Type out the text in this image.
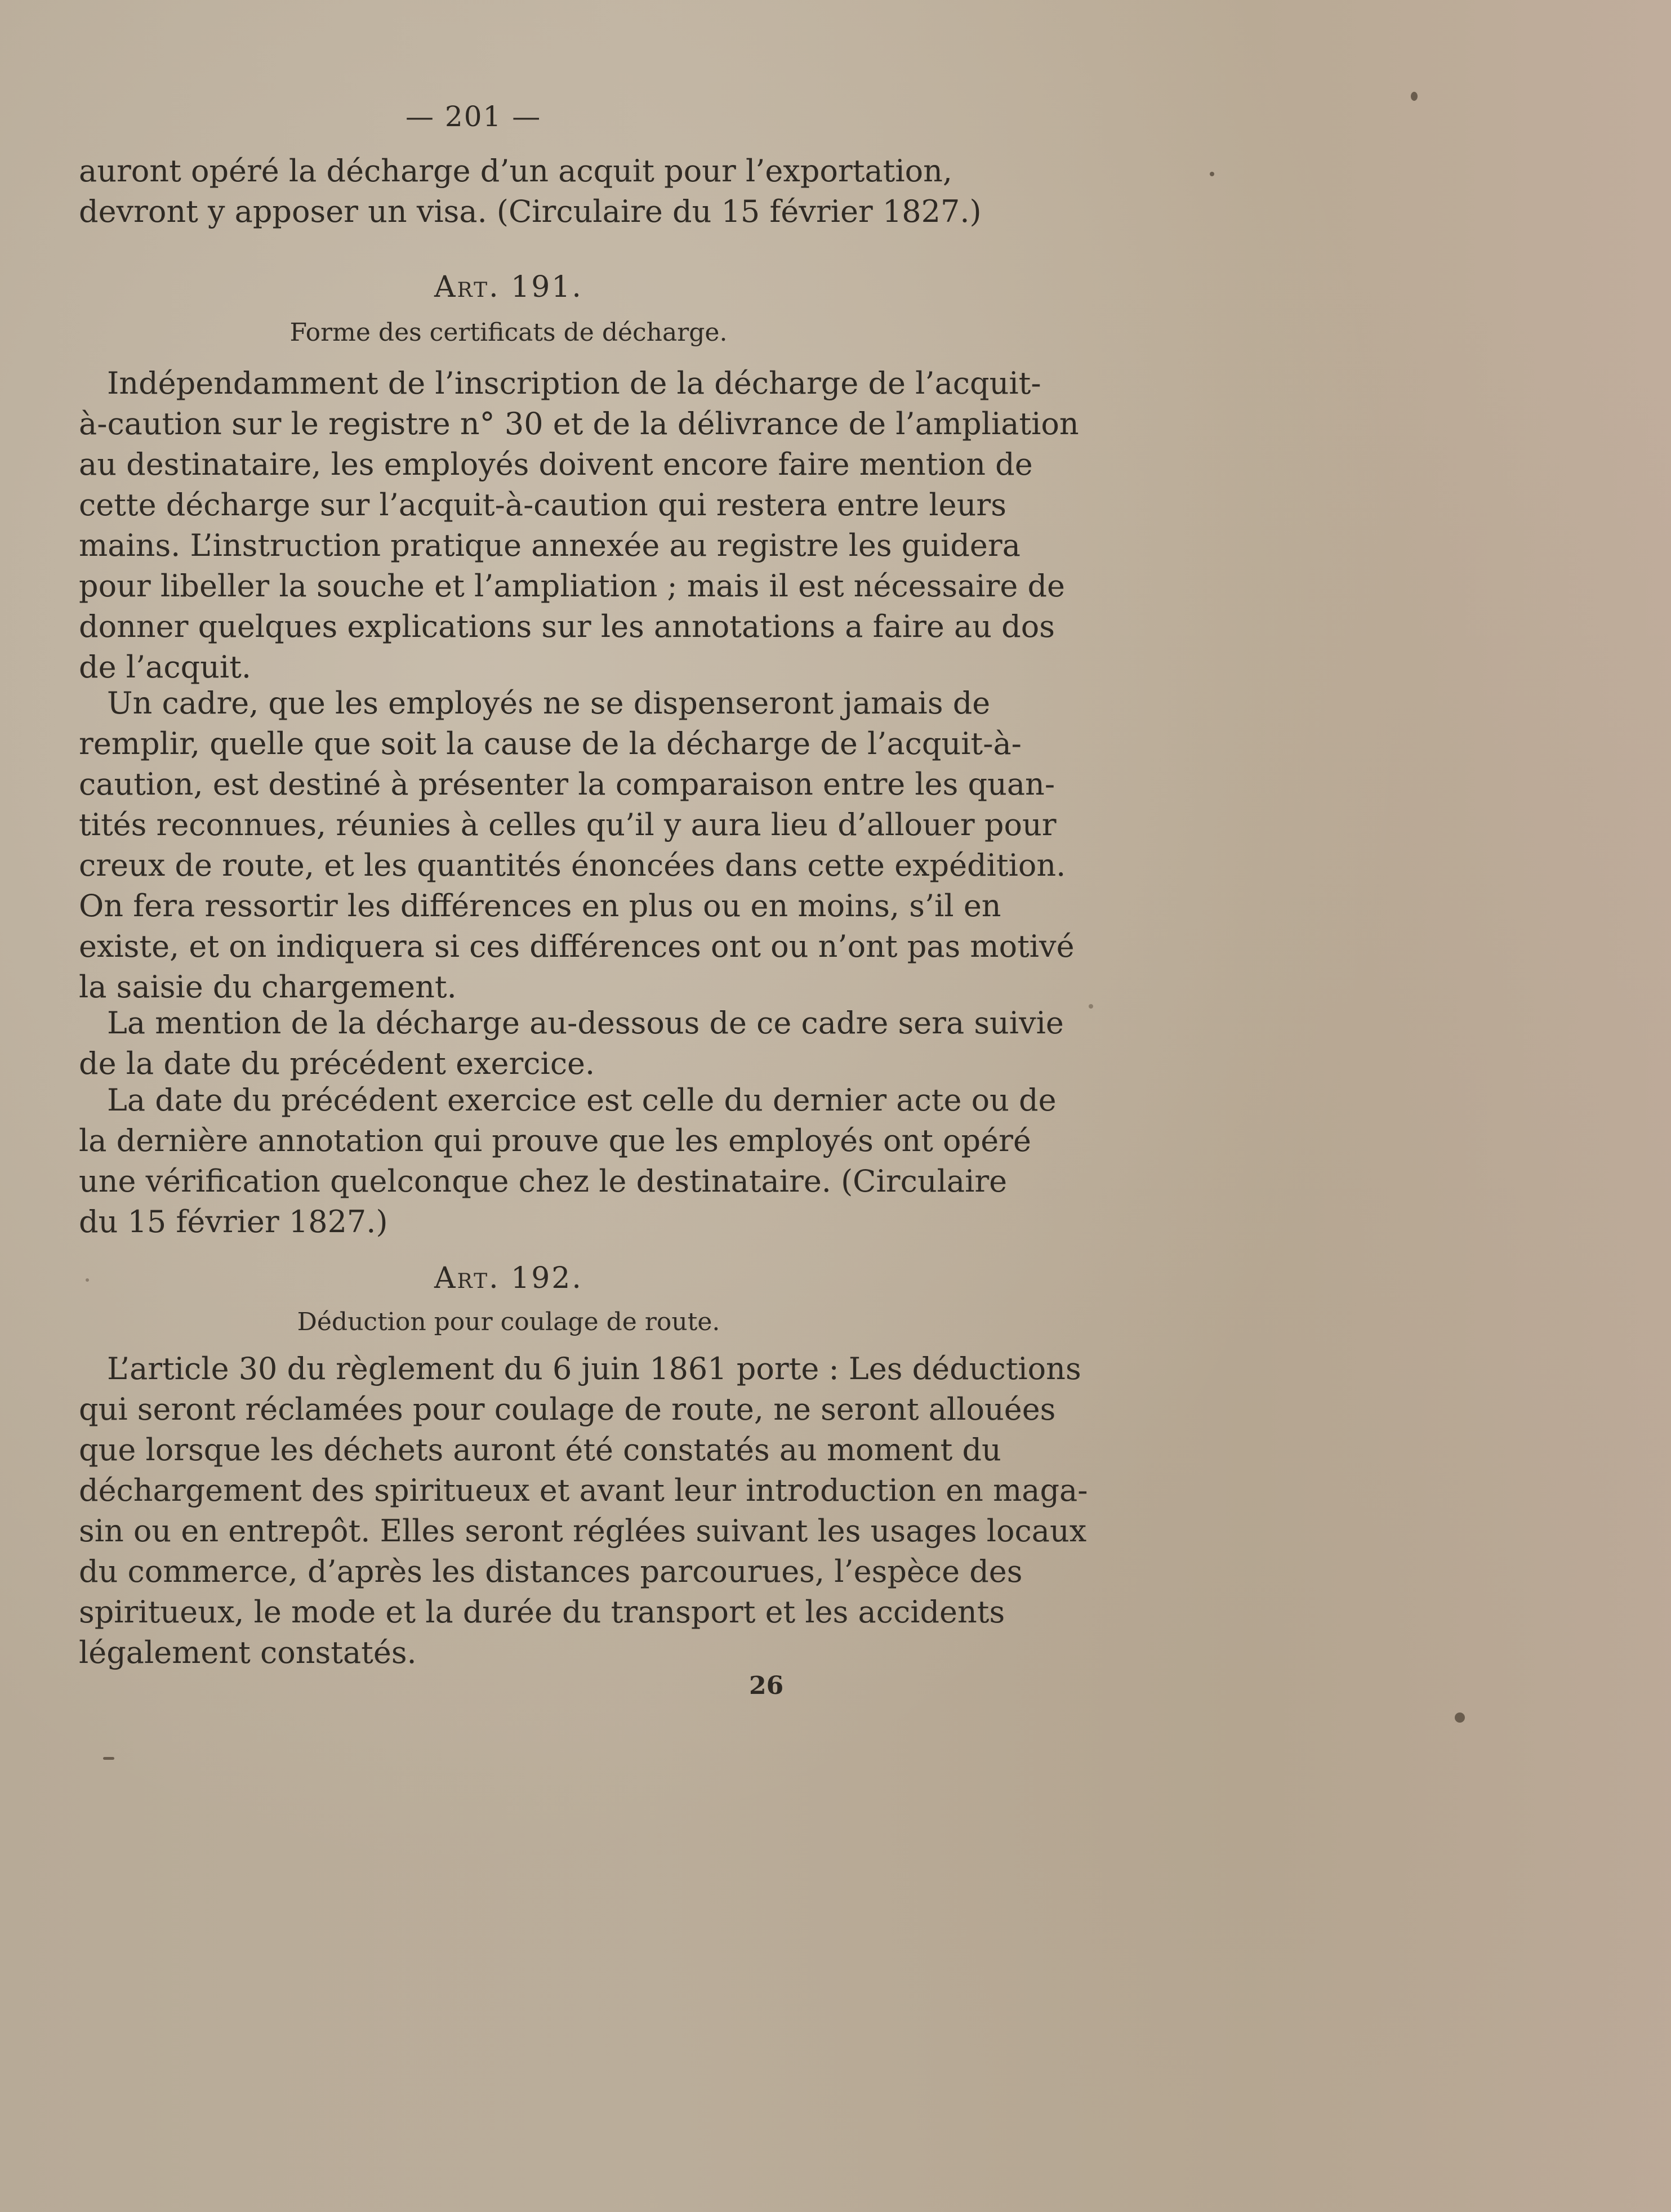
— 201 —
auront opéré la décharge d’un acquit pour l’exportation,
devront y apposer un visa. (Circulaire du 15 février 1827.)
Art. 191.
Forme des certificats de décharge.
Indépendamment de l’inscription de la décharge de l’acquit-
à-caution sur le registre n° 30 et de la délivrance de l’ampliation
au destinataire, les employés doivent encore faire mention de
cette décharge sur l’acquit-à-caution qui restera entre leurs
mains. L’instruction pratique annexée au registre les guidera
pour libeller la souche et l’ampliation ; mais il est nécessaire de
donner quelques explications sur les annotations a faire au dos
de l’acquit.
Un cadre, que les employés ne se dispenseront jamais de
remplir, quelle que soit la cause de la décharge de l’acquit-à-
caution, est destiné à présenter la comparaison entre les quan-
tités reconnues, réunies à celles qu’il y aura lieu d’allouer pour
creux de route, et les quantités énoncées dans cette expédition.
On fera ressortir les différences en plus ou en moins, s’il en
existe, et on indiquera si ces différences ont ou n’ont pas motivé
la saisie du chargement.
La mention de la décharge au-dessous de ce cadre sera suivie
de la date du précédent exercice.
La date du précédent exercice est celle du dernier acte ou de
la dernière annotation qui prouve que les employés ont opéré
une vérification quelconque chez le destinataire. (Circulaire
du 15 février 1827.)
Art. 192.
Déduction pour coulage de route.
L’article 30 du règlement du 6 juin 1861 porte : Les déductions
qui seront réclamées pour coulage de route, ne seront allouées
que lorsque les déchets auront été constatés au moment du
déchargement des spiritueux et avant leur introduction en maga-
sin ou en entrepôt. Elles seront réglées suivant les usages locaux
du commerce, d’après les distances parcourues, l’espèce des
spiritueux, le mode et la durée du transport et les accidents
légalement constatés.
26
